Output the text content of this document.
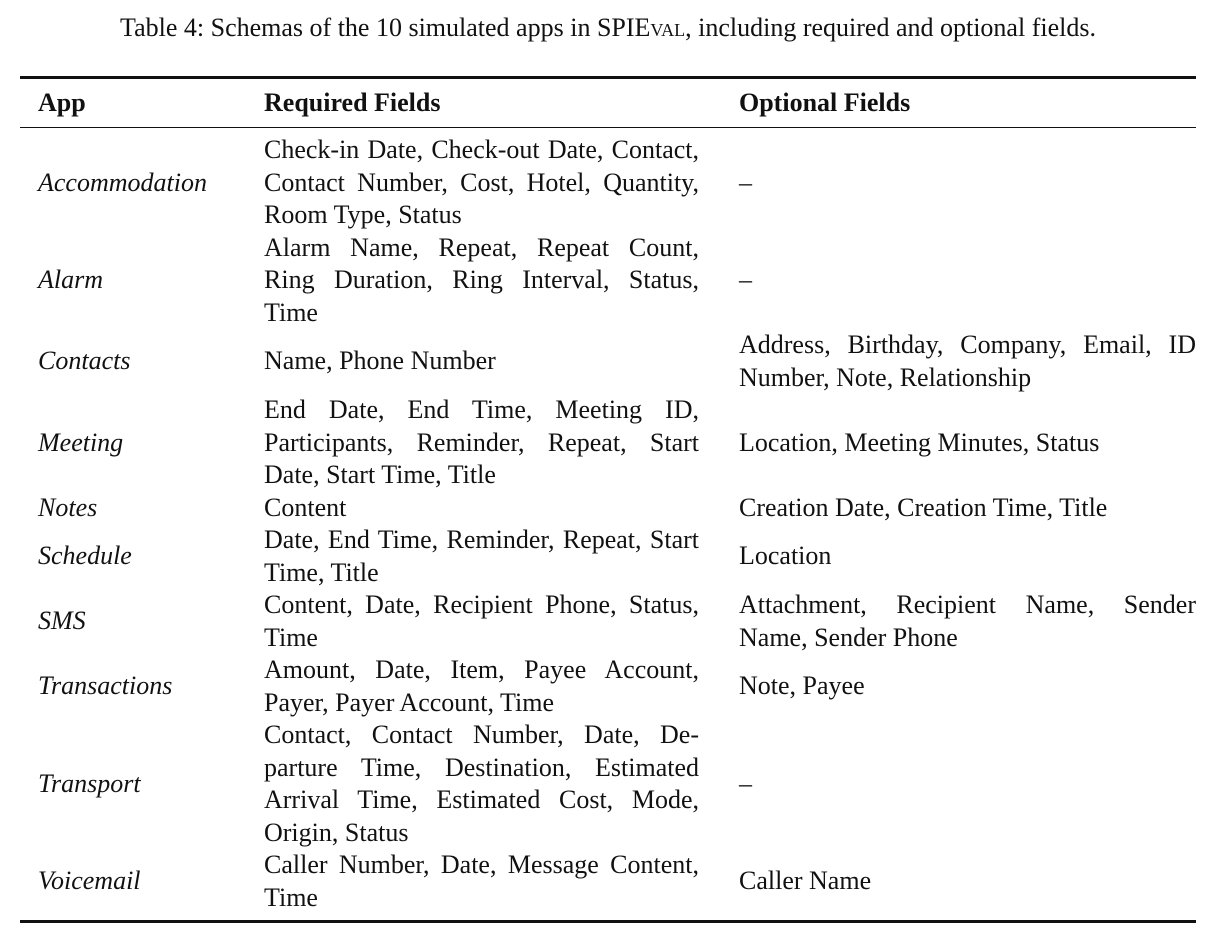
Table 4: Schemas of the 10 simulated apps in SPIEval, including required and optional fields.
App	Required Fields	Optional Fields
Accommodation	Check-in Date, Check-out Date, Contact, Contact Number, Cost, Hotel, Quantity, Room Type, Status	–
Alarm	Alarm Name, Repeat, Repeat Count, Ring Duration, Ring Interval, Status, Time	–
Contacts	Name, Phone Number	Address, Birthday, Company, Email, ID Number, Note, Relationship
Meeting	End Date, End Time, Meeting ID, Participants, Reminder, Repeat, Start Date, Start Time, Title	Location, Meeting Minutes, Status
Notes	Content	Creation Date, Creation Time, Title
Schedule	Date, End Time, Reminder, Repeat, Start Time, Title	Location
SMS	Content, Date, Recipient Phone, Status, Time	Attachment, Recipient Name, Sender Name, Sender Phone
Transactions	Amount, Date, Item, Payee Account, Payer, Payer Account, Time	Note, Payee
Transport	Contact, Contact Number, Date, Departure Time, Destination, Estimated Arrival Time, Estimated Cost, Mode, Origin, Status	–
Voicemail	Caller Number, Date, Message Content, Time	Caller Name
